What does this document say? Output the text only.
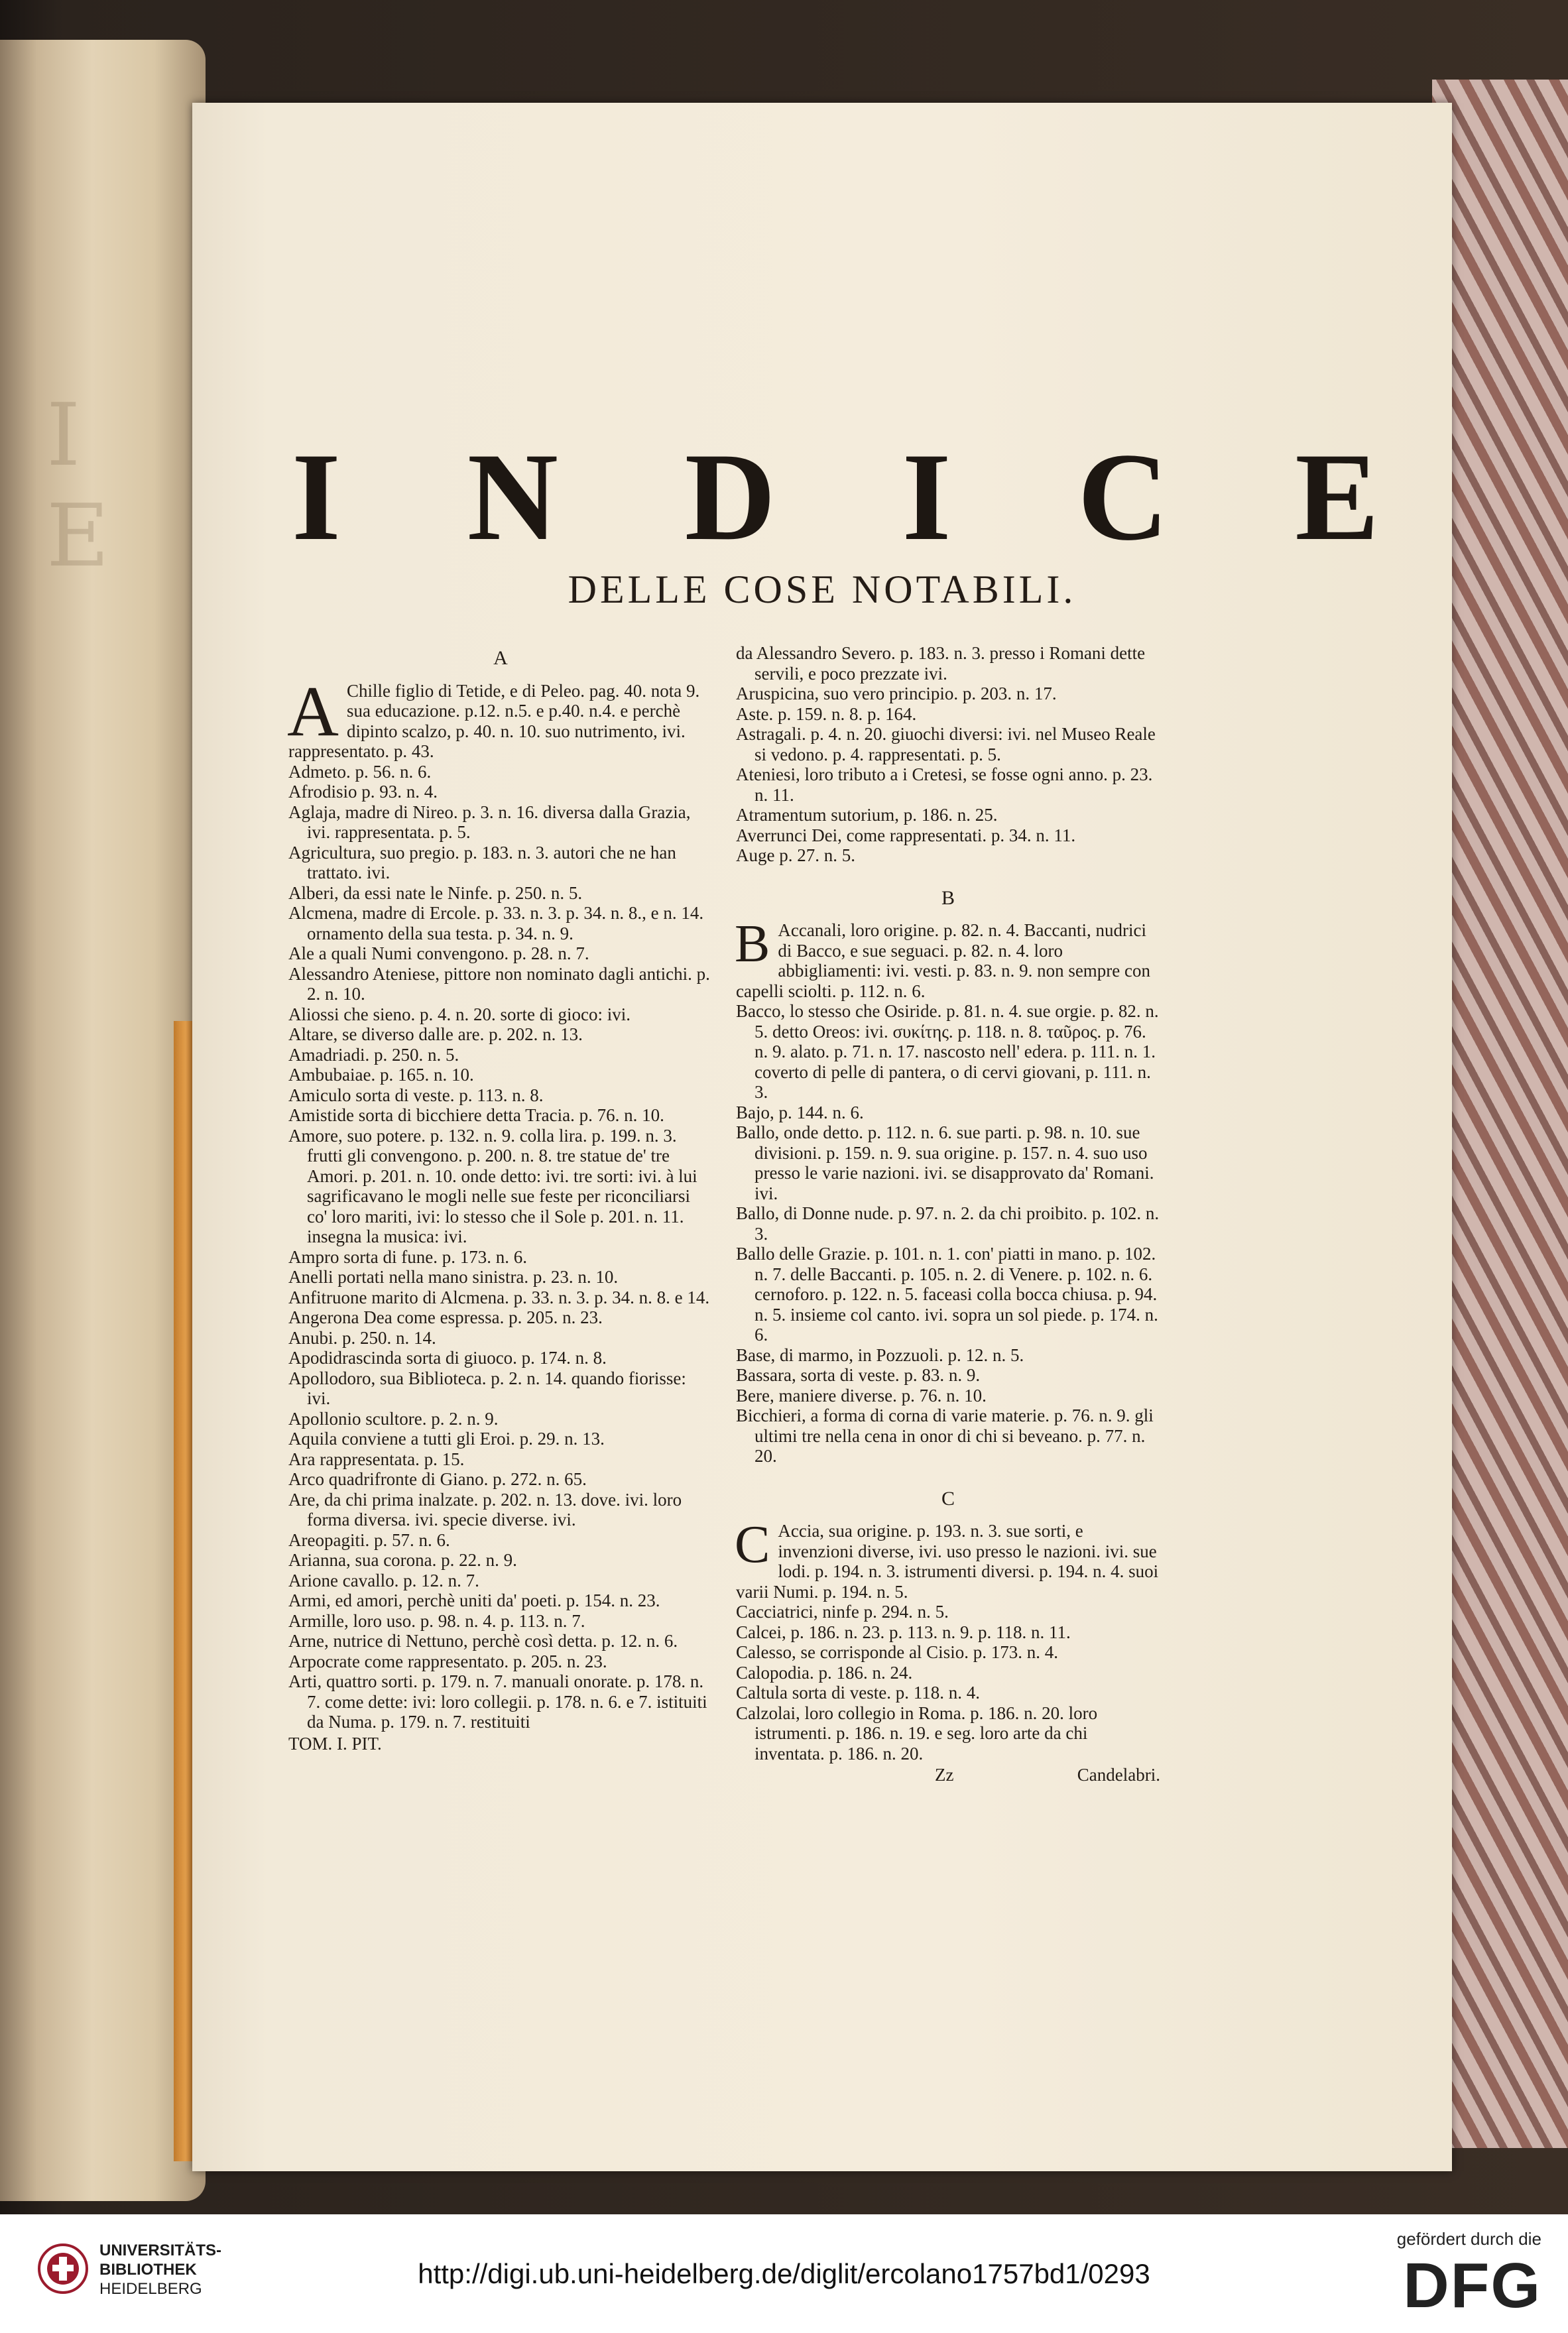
I E	I N D I C E
DELLE COSE NOTABILI.

A

A Chille figlio di Tetide, e di Peleo. pag. 40. nota 9. sua educazione. p.12. n.5. e p.40. n.4. e perchè dipinto scalzo, p. 40. n. 10. suo nutrimento, ivi. rappresentato. p. 43.

Admeto. p. 56. n. 6.

Afrodisio p. 93. n. 4.

Aglaja, madre di Nireo. p. 3. n. 16. diversa dalla Grazia, ivi. rappresentata. p. 5.

Agricultura, suo pregio. p. 183. n. 3. autori che ne han trattato. ivi.

Alberi, da essi nate le Ninfe. p. 250. n. 5.

Alcmena, madre di Ercole. p. 33. n. 3. p. 34. n. 8., e n. 14. ornamento della sua testa. p. 34. n. 9.

Ale a quali Numi convengono. p. 28. n. 7.

Alessandro Ateniese, pittore non nominato dagli antichi. p. 2. n. 10.

Aliossi che sieno. p. 4. n. 20. sorte di gioco: ivi.

Altare, se diverso dalle are. p. 202. n. 13.

Amadriadi. p. 250. n. 5.

Ambubaiae. p. 165. n. 10.

Amiculo sorta di veste. p. 113. n. 8.

Amistide sorta di bicchiere detta Tracia. p. 76. n. 10.

Amore, suo potere. p. 132. n. 9. colla lira. p. 199. n. 3. frutti gli convengono. p. 200. n. 8. tre statue de' tre Amori. p. 201. n. 10. onde detto: ivi. tre sorti: ivi. à lui sagrificavano le mogli nelle sue feste per riconciliarsi co' loro mariti, ivi: lo stesso che il Sole p. 201. n. 11. insegna la musica: ivi.

Ampro sorta di fune. p. 173. n. 6.

Anelli portati nella mano sinistra. p. 23. n. 10.

Anfitruone marito di Alcmena. p. 33. n. 3. p. 34. n. 8. e 14.

Angerona Dea come espressa. p. 205. n. 23.

Anubi. p. 250. n. 14.

Apodidrascinda sorta di giuoco. p. 174. n. 8.

Apollodoro, sua Biblioteca. p. 2. n. 14. quando fiorisse: ivi.

Apollonio scultore. p. 2. n. 9.

Aquila conviene a tutti gli Eroi. p. 29. n. 13.

Ara rappresentata. p. 15.

Arco quadrifronte di Giano. p. 272. n. 65.

Are, da chi prima inalzate. p. 202. n. 13. dove. ivi. loro forma diversa. ivi. specie diverse. ivi.

Areopagiti. p. 57. n. 6.

Arianna, sua corona. p. 22. n. 9.

Arione cavallo. p. 12. n. 7.

Armi, ed amori, perchè uniti da' poeti. p. 154. n. 23.

Armille, loro uso. p. 98. n. 4. p. 113. n. 7.

Arne, nutrice di Nettuno, perchè così detta. p. 12. n. 6.

Arpocrate come rappresentato. p. 205. n. 23.

Arti, quattro sorti. p. 179. n. 7. manuali onorate. p. 178. n. 7. come dette: ivi: loro collegii. p. 178. n. 6. e 7. istituiti da Numa. p. 179. n. 7. restituiti

TOM. I. PIT.

da Alessandro Severo. p. 183. n. 3. presso i Romani dette servili, e poco prezzate ivi.

Aruspicina, suo vero principio. p. 203. n. 17.

Aste. p. 159. n. 8. p. 164.

Astragali. p. 4. n. 20. giuochi diversi: ivi. nel Museo Reale si vedono. p. 4. rappresentati. p. 5.

Ateniesi, loro tributo a i Cretesi, se fosse ogni anno. p. 23. n. 11.

Atramentum sutorium, p. 186. n. 25.

Averrunci Dei, come rappresentati. p. 34. n. 11.

Auge p. 27. n. 5.

B

B Accanali, loro origine. p. 82. n. 4. Baccanti, nudrici di Bacco, e sue seguaci. p. 82. n. 4. loro abbigliamenti: ivi. vesti. p. 83. n. 9. non sempre con capelli sciolti. p. 112. n. 6.

Bacco, lo stesso che Osiride. p. 81. n. 4. sue orgie. p. 82. n. 5. detto Oreos: ivi. συκίτης. p. 118. n. 8. ταῦρος. p. 76. n. 9. alato. p. 71. n. 17. nascosto nell' edera. p. 111. n. 1. coverto di pelle di pantera, o di cervi giovani, p. 111. n. 3.

Bajo, p. 144. n. 6.

Ballo, onde detto. p. 112. n. 6. sue parti. p. 98. n. 10. sue divisioni. p. 159. n. 9. sua origine. p. 157. n. 4. suo uso presso le varie nazioni. ivi. se disapprovato da' Romani. ivi.

Ballo, di Donne nude. p. 97. n. 2. da chi proibito. p. 102. n. 3.

Ballo delle Grazie. p. 101. n. 1. con' piatti in mano. p. 102. n. 7. delle Baccanti. p. 105. n. 2. di Venere. p. 102. n. 6. cernoforo. p. 122. n. 5. faceasi colla bocca chiusa. p. 94. n. 5. insieme col canto. ivi. sopra un sol piede. p. 174. n. 6.

Base, di marmo, in Pozzuoli. p. 12. n. 5.

Bassara, sorta di veste. p. 83. n. 9.

Bere, maniere diverse. p. 76. n. 10.

Bicchieri, a forma di corna di varie materie. p. 76. n. 9. gli ultimi tre nella cena in onor di chi si beveano. p. 77. n. 20.

C

C Accia, sua origine. p. 193. n. 3. sue sorti, e invenzioni diverse, ivi. uso presso le nazioni. ivi. sue lodi. p. 194. n. 3. istrumenti diversi. p. 194. n. 4. suoi varii Numi. p. 194. n. 5.

Cacciatrici, ninfe p. 294. n. 5.

Calcei, p. 186. n. 23. p. 113. n. 9. p. 118. n. 11.

Calesso, se corrisponde al Cisio. p. 173. n. 4.

Calopodia. p. 186. n. 24.

Caltula sorta di veste. p. 118. n. 4.

Calzolai, loro collegio in Roma. p. 186. n. 20. loro istrumenti. p. 186. n. 19. e seg. loro arte da chi inventata. p. 186. n. 20.

Zz	Candelabri.
UNIVERSITÄTS-
BIBLIOTHEK
HEIDELBERG	http://digi.ub.uni-heidelberg.de/diglit/ercolano1757bd1/0293
gefördert durch die
DFG
